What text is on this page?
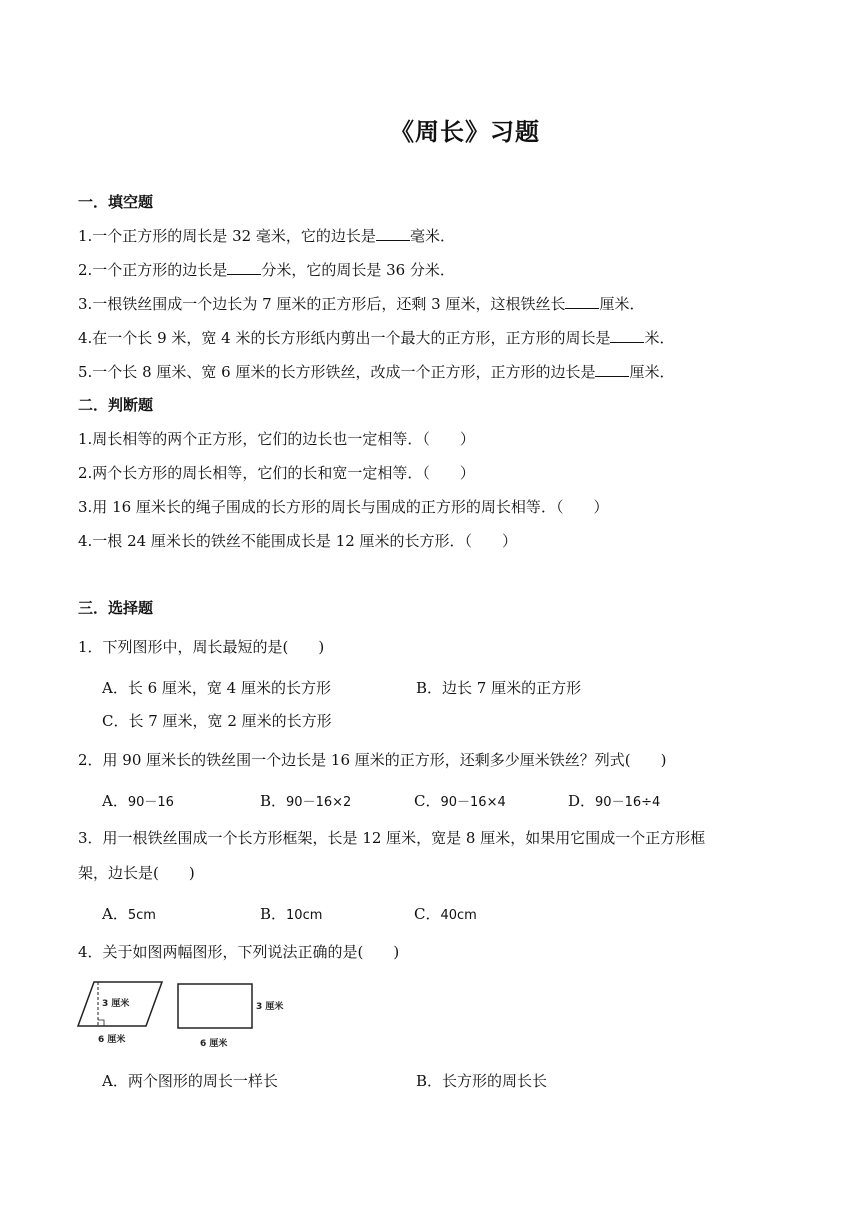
《周长》习题
一．填空题
1.一个正方形的周长是 32 毫米，它的边长是 毫米．
2.一个正方形的边长是 分米，它的周长是 36 分米．
3.一根铁丝围成一个边长为 7 厘米的正方形后，还剩 3 厘米，这根铁丝长 厘米．
4.在一个长 9 米，宽 4 米的长方形纸内剪出一个最大的正方形，正方形的周长是 米．
5.一个长 8 厘米、宽 6 厘米的长方形铁丝，改成一个正方形，正方形的边长是 厘米．
二．判断题
1.周长相等的两个正方形，它们的边长也一定相等．（　　）
2.两个长方形的周长相等，它们的长和宽一定相等．（　　）
3.用 16 厘米长的绳子围成的长方形的周长与围成的正方形的周长相等．（　　）
4.一根 24 厘米长的铁丝不能围成长是 12 厘米的长方形．（　　）
三．选择题
1．下列图形中，周长最短的是(　　)
A．长 6 厘米，宽 4 厘米的长方形	B．边长 7 厘米的正方形
C．长 7 厘米，宽 2 厘米的长方形
2．用 90 厘米长的铁丝围一个边长是 16 厘米的正方形，还剩多少厘米铁丝？列式(　　)
A．90－16	B．90－16×2	C．90－16×4	D．90－16÷4
3．用一根铁丝围成一个长方形框架，长是 12 厘米，宽是 8 厘米，如果用它围成一个正方形框
架，边长是(　　)
A．5cm	B．10cm	C．40cm
4．关于如图两幅图形，下列说法正确的是(　　)
3 厘米
6 厘米
3 厘米
6 厘米
A．两个图形的周长一样长	B．长方形的周长长
